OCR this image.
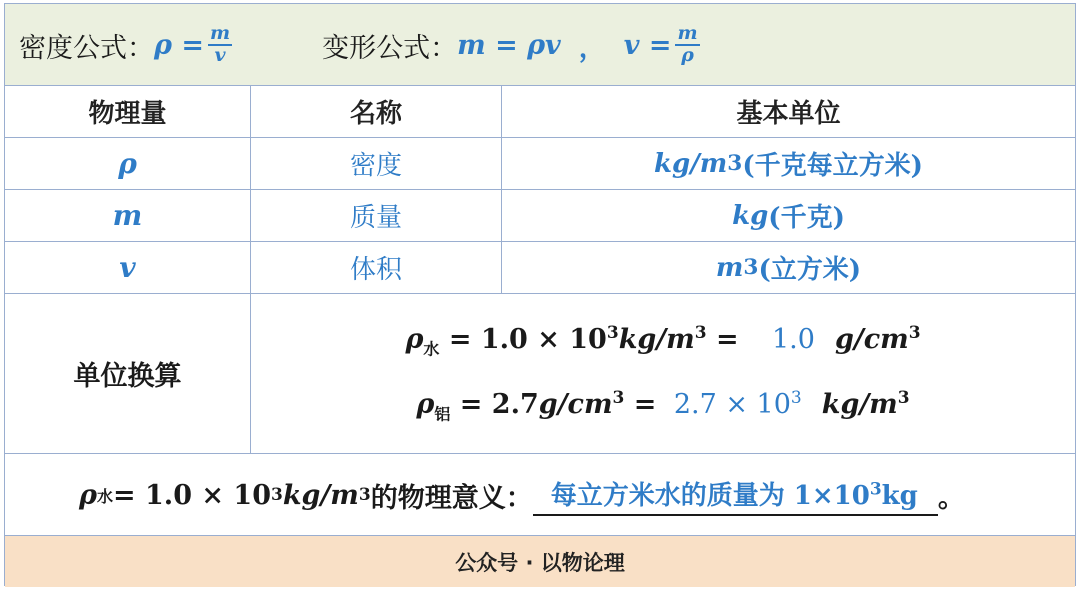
密度公式： $\rho = \frac{m}{v}$	变形公式： m = ρv ， $v = \frac{m}{\rho}$
物理量	名称	基本单位
ρ	密度	kg/m 3 (千克每立方米)
m	质量	kg (千克)
v	体积	m 3 (立方米)
单位换算
$\rho_水 = 1.0 \times 10^3kg/m^3 = 1.0$ $g/cm^3$
$\rho_铝 = 2.7g/cm^3 = 2.7 \times 10^3$ $kg/m^3$
ρ 水 = 1.0 × 10 3 kg/m 3 的物理意义： 每立方米水的质量为 $1\times 10^3kg$ 。
公众号 · 以物论理
